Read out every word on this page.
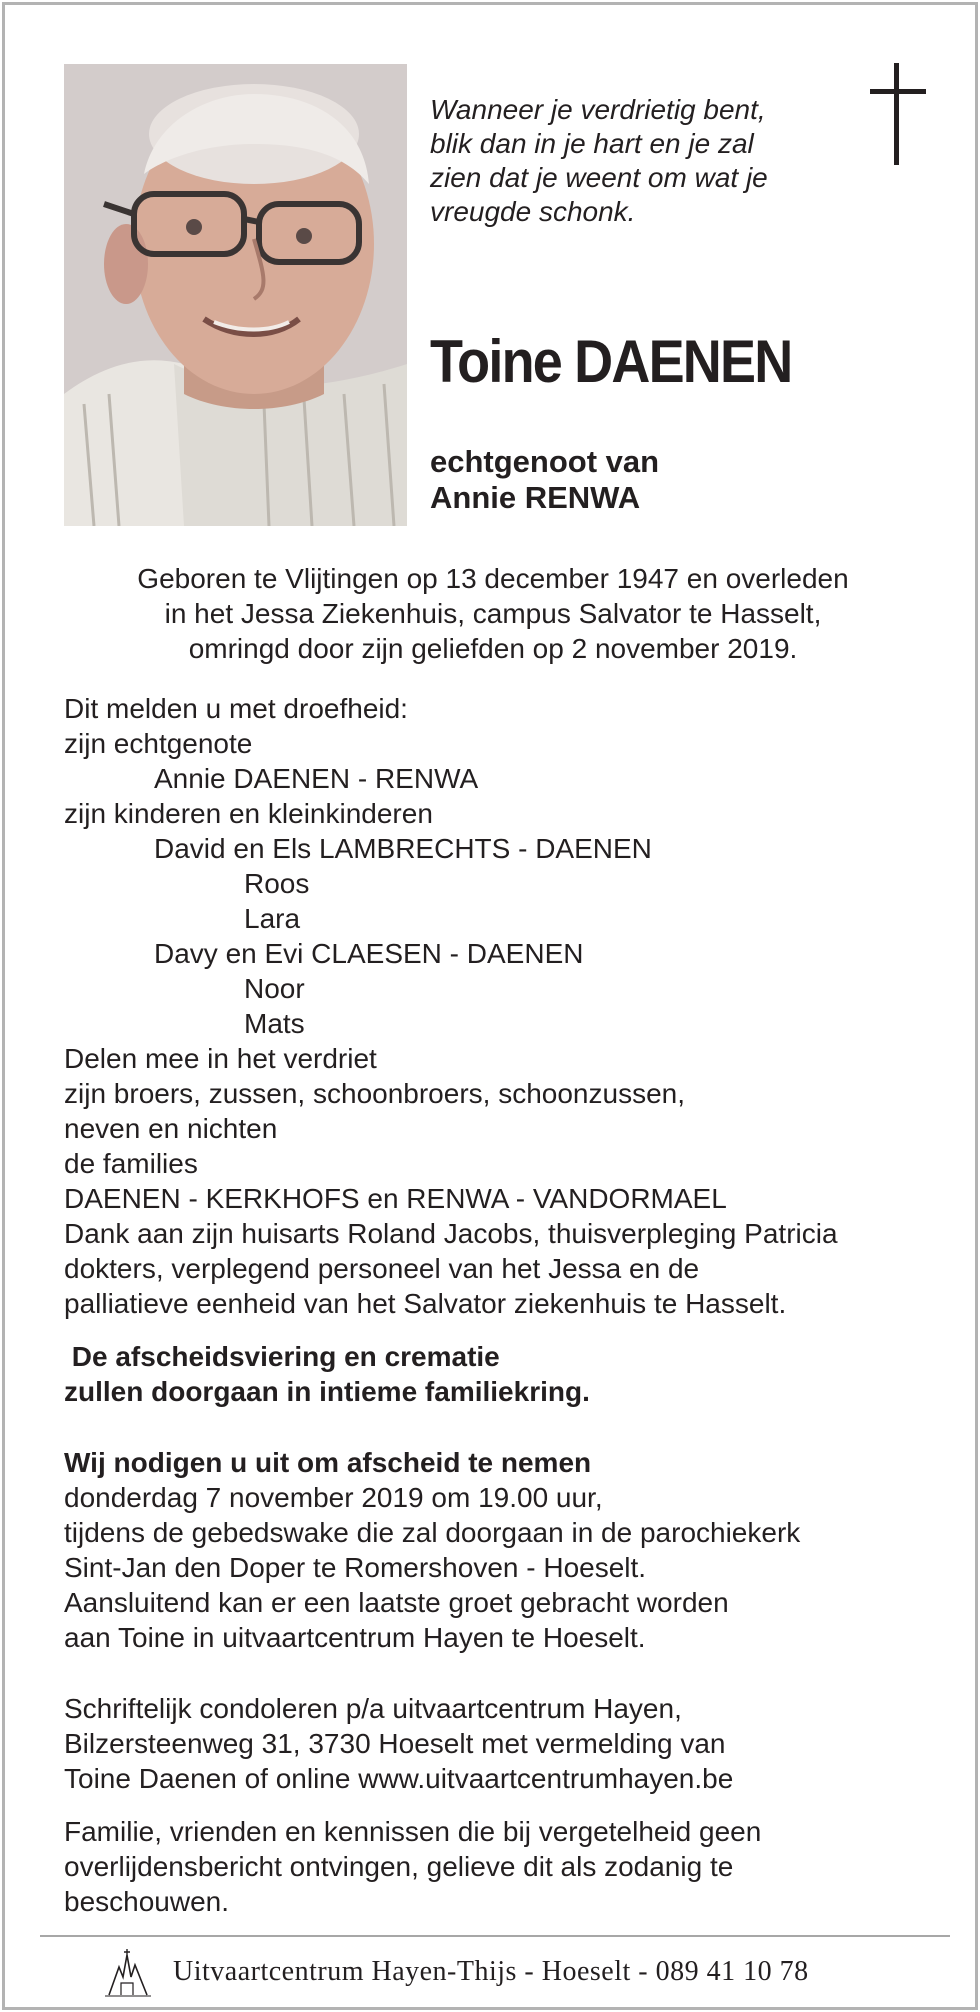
Wanneer je verdrietig bent,
blik dan in je hart en je zal
zien dat je weent om wat je
vreugde schonk.
Toine DAENEN
echtgenoot van
Annie RENWA
Geboren te Vlijtingen op 13 december 1947 en overleden
in het Jessa Ziekenhuis, campus Salvator te Hasselt,
omringd door zijn geliefden op 2 november 2019.
Dit melden u met droefheid:
zijn echtgenote
Annie DAENEN - RENWA
zijn kinderen en kleinkinderen
David en Els LAMBRECHTS - DAENEN
Roos
Lara
Davy en Evi CLAESEN - DAENEN
Noor
Mats
Delen mee in het verdriet
zijn broers, zussen, schoonbroers, schoonzussen,
neven en nichten
de families
DAENEN - KERKHOFS en RENWA - VANDORMAEL
Dank aan zijn huisarts Roland Jacobs, thuisverpleging Patricia
dokters, verplegend personeel van het Jessa en de
palliatieve eenheid van het Salvator ziekenhuis te Hasselt.
De afscheidsviering en crematie
zullen doorgaan in intieme familiekring.
Wij nodigen u uit om afscheid te nemen
donderdag 7 november 2019 om 19.00 uur,
tijdens de gebedswake die zal doorgaan in de parochiekerk
Sint-Jan den Doper te Romershoven - Hoeselt.
Aansluitend kan er een laatste groet gebracht worden
aan Toine in uitvaartcentrum Hayen te Hoeselt.
Schriftelijk condoleren p/a uitvaartcentrum Hayen,
Bilzersteenweg 31, 3730 Hoeselt met vermelding van
Toine Daenen of online www.uitvaartcentrumhayen.be
Familie, vrienden en kennissen die bij vergetelheid geen
overlijdensbericht ontvingen, gelieve dit als zodanig te
beschouwen.
Uitvaartcentrum Hayen-Thijs - Hoeselt - 089 41 10 78
